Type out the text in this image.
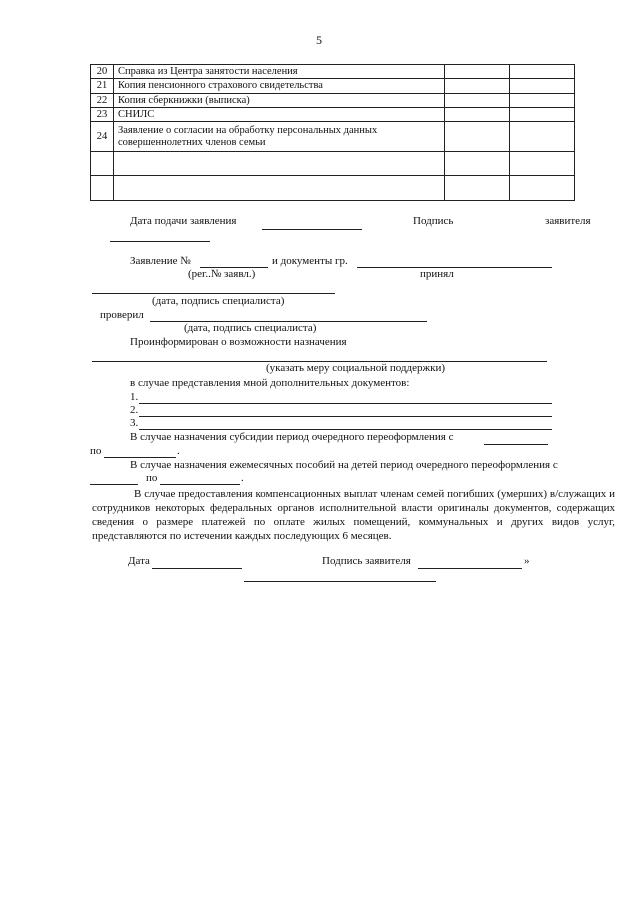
5
20	Справка из Центра занятости населения		
21	Копия пенсионного страхового свидетельства		
22	Копия сберкнижки (выписка)		
23	СНИЛС		
24	Заявление о согласии на обработку персональных данных совершеннолетних членов семьи		

Дата подачи заявления	Подпись	заявителя
Заявление №	и документы гр.
(рег..№ заявл.)	принял
(дата, подпись специалиста)
проверил
(дата, подпись специалиста)
Проинформирован о возможности назначения
(указать меру социальной поддержки)
в случае представления мной дополнительных документов:
1.
2.
3.
В случае назначения субсидии период очередного переоформления с
по	.
В случае назначения ежемесячных пособий на детей период очередного переоформления с
по	.
В случае предоставления компенсационных выплат членам семей погибших (умерших) в/служащих и сотрудников некоторых федеральных органов исполнительной власти оригиналы документов, содержащих сведения о размере платежей по оплате жилых помещений, коммунальных и других видов услуг, представляются по истечении каждых последующих 6 месяцев.
Дата	Подпись заявителя	»
